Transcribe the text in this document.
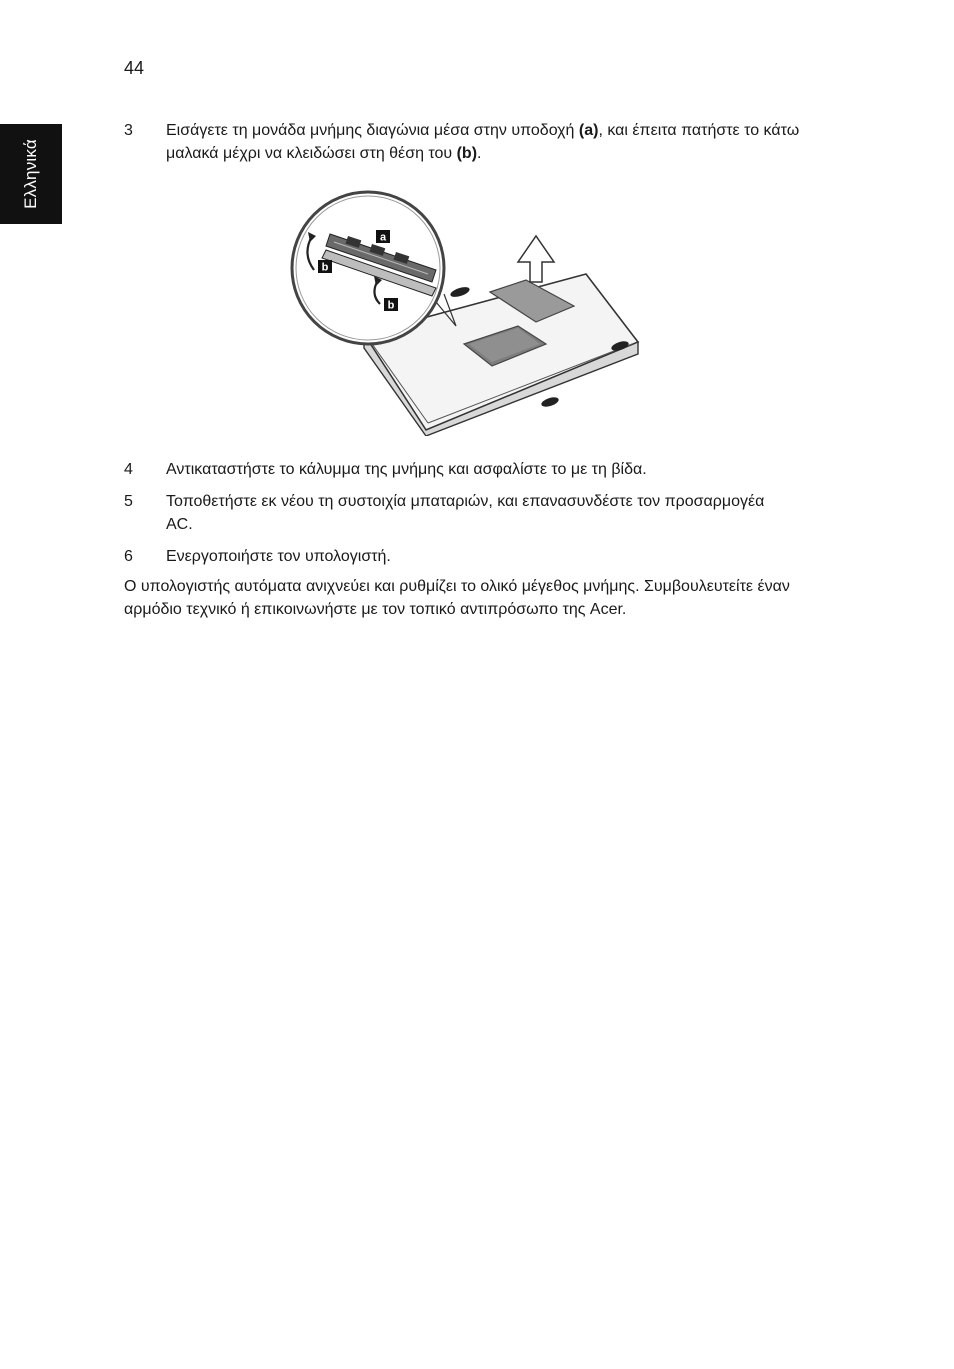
44
Ελληνικά
3	Εισάγετε τη μονάδα μνήμης διαγώνια μέσα στην υποδοχή (a), και έπειτα πατήστε το κάτω μαλακά μέχρι να κλειδώσει στη θέση του (b).
a
b
b
4	Αντικαταστήστε το κάλυμμα της μνήμης και ασφαλίστε το με τη βίδα.
5	Τοποθετήστε εκ νέου τη συστοιχία μπαταριών, και επανασυνδέστε τον προσαρμογέα AC.
6	Ενεργοποιήστε τον υπολογιστή.
Ο υπολογιστής αυτόματα ανιχνεύει και ρυθμίζει το ολικό μέγεθος μνήμης. Συμβουλευτείτε έναν αρμόδιο τεχνικό ή επικοινωνήστε με τον τοπικό αντιπρόσωπο της Acer.
